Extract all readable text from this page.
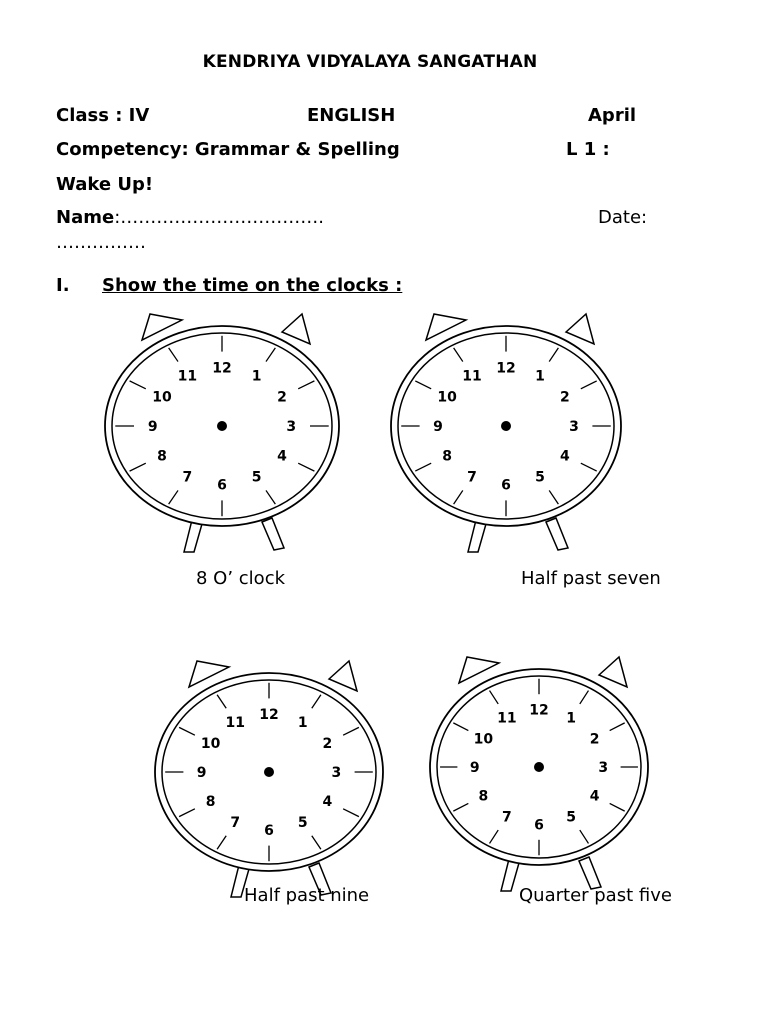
KENDRIYA VIDYALAYA SANGATHAN
Class : IV	ENGLISH	April
Competency: Grammar & Spelling	L 1 :
Wake Up!
Name:…………………………….	Date:
……………
I. Show the time on the clocks :
12 1
2
3
4
5
6
7
8
9
10
11	12 1
2
3
4
5
6
7
8
9
10
11
12 1
2
3
4
5
6
7
8
9
10
11
12 1
2
3
4
5
6
7
8
9
10
11
8 O’ clock	Half past seven
Half past nine	Quarter past five
